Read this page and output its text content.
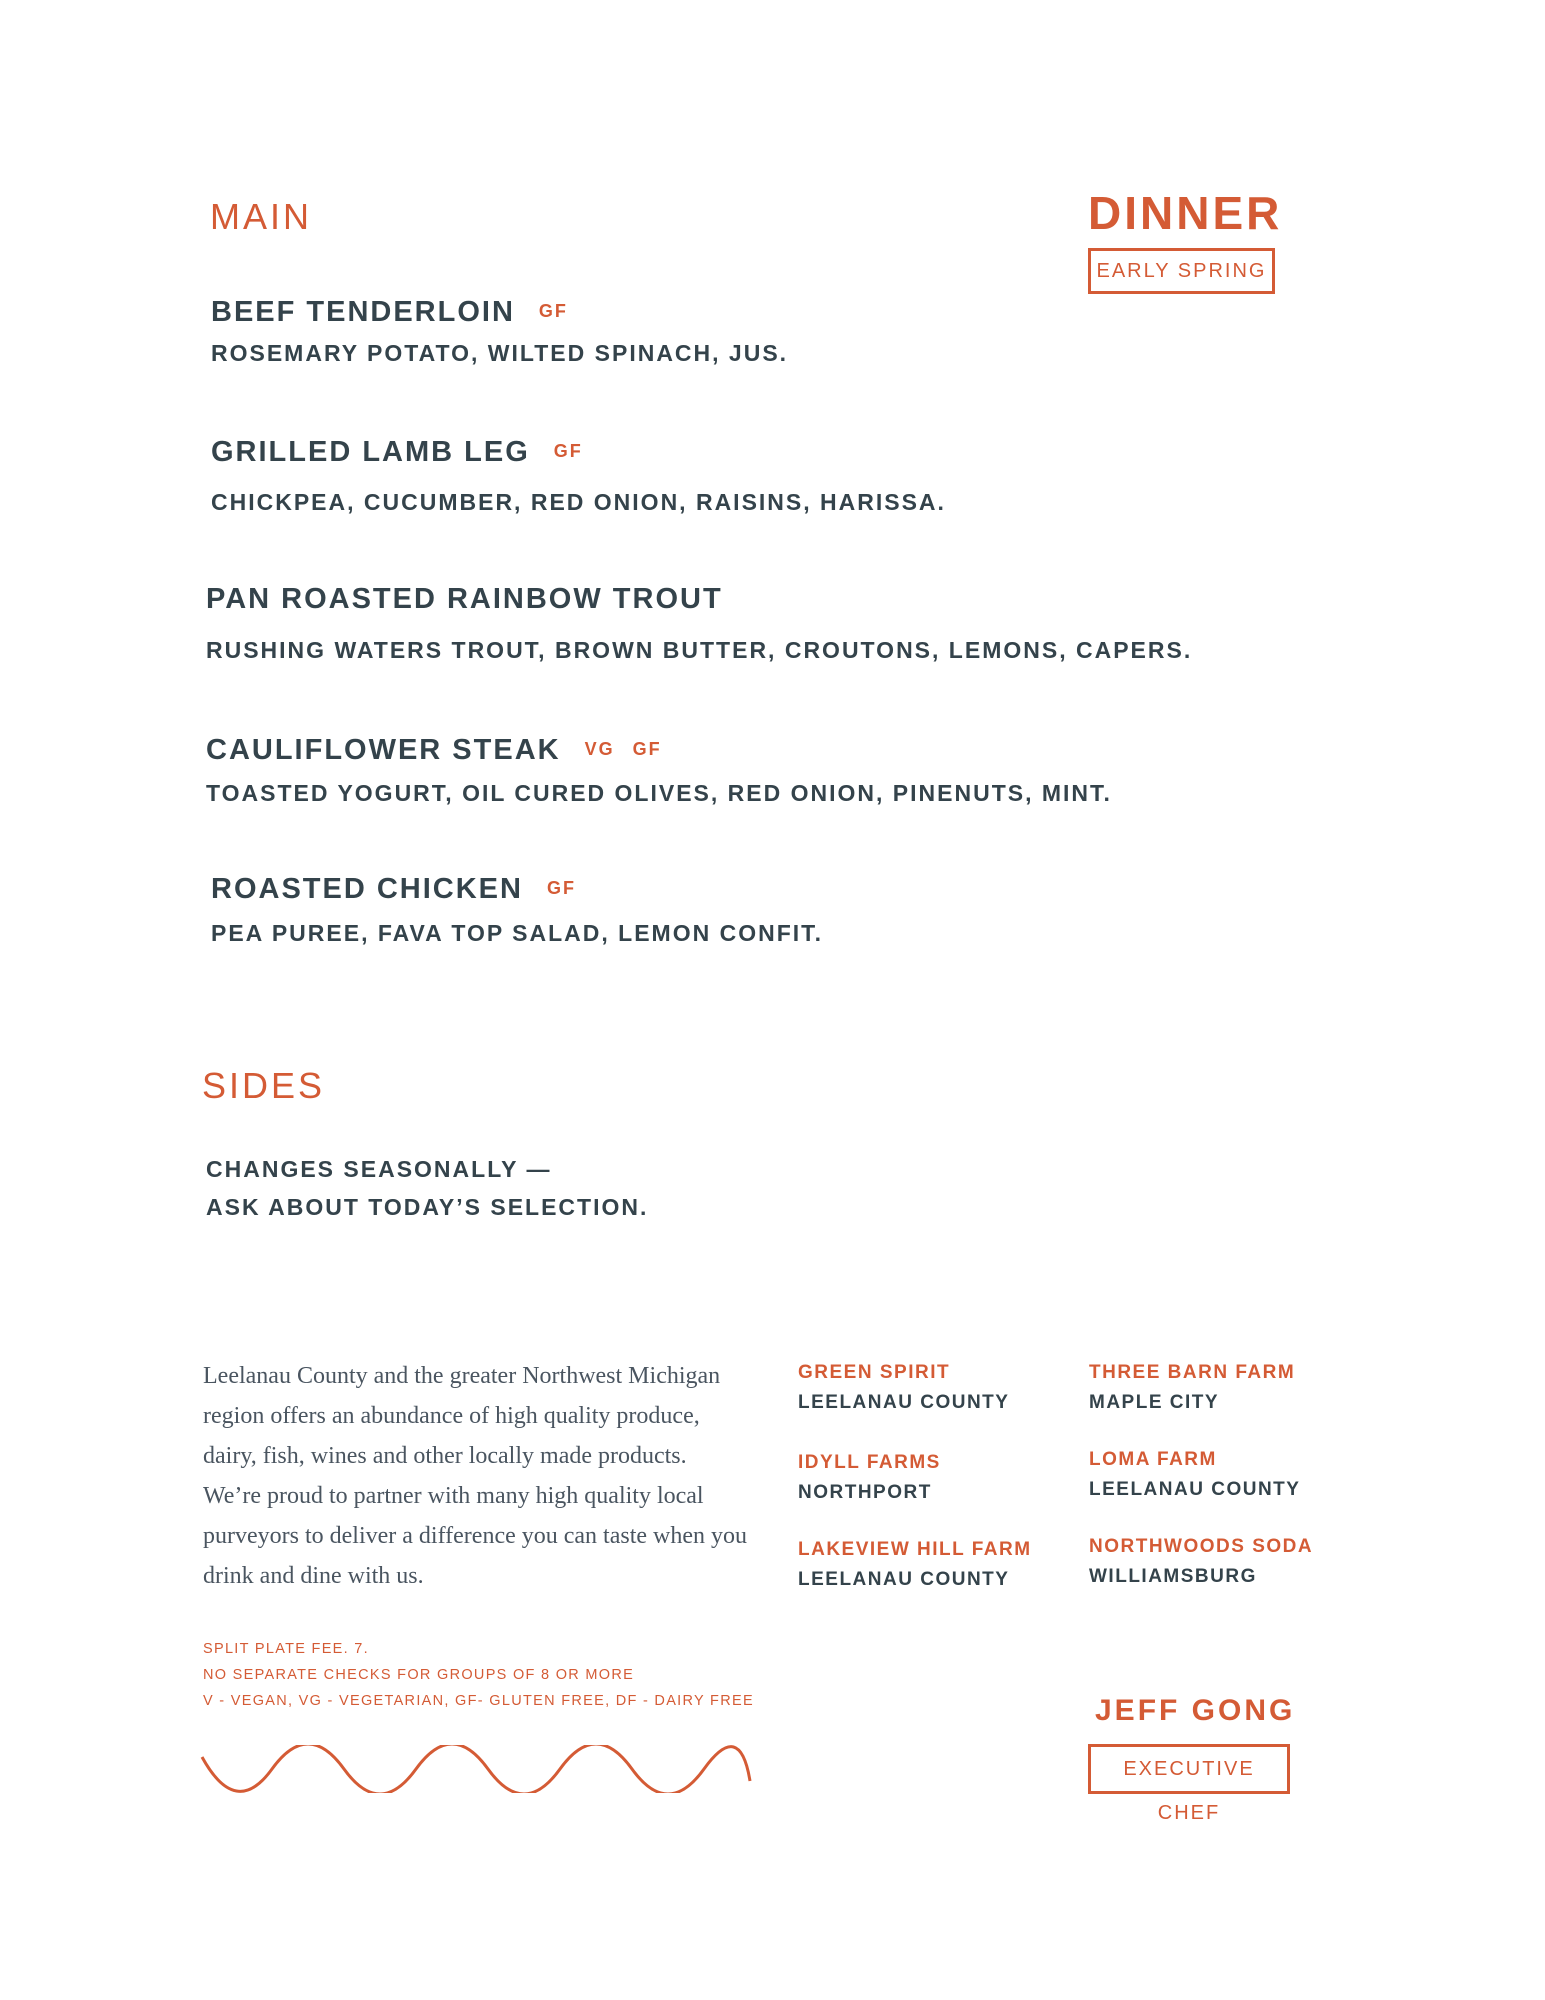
MAIN	DINNER
EARLY SPRING
BEEF TENDERLOIN GF
ROSEMARY POTATO, WILTED SPINACH, JUS.
GRILLED LAMB LEG GF
CHICKPEA, CUCUMBER, RED ONION, RAISINS, HARISSA.
PAN ROASTED RAINBOW TROUT
RUSHING WATERS TROUT, BROWN BUTTER, CROUTONS, LEMONS, CAPERS.
CAULIFLOWER STEAK VG GF
TOASTED YOGURT, OIL CURED OLIVES, RED ONION, PINENUTS, MINT.
ROASTED CHICKEN GF
PEA PUREE, FAVA TOP SALAD, LEMON CONFIT.
SIDES
CHANGES SEASONALLY —
ASK ABOUT TODAY’S SELECTION.
Leelanau County and the greater Northwest Michigan region offers an abundance of high quality produce, dairy, fish, wines and other locally made products. We’re proud to partner with many high quality local purveyors to deliver a difference you can taste when you drink and dine with us.
GREEN SPIRIT
LEELANAU COUNTY
IDYLL FARMS
NORTHPORT
LAKEVIEW HILL FARM
LEELANAU COUNTY
THREE BARN FARM
MAPLE CITY
LOMA FARM
LEELANAU COUNTY
NORTHWOODS SODA
WILLIAMSBURG
SPLIT PLATE FEE. 7.
NO SEPARATE CHECKS FOR GROUPS OF 8 OR MORE
V - VEGAN, VG - VEGETARIAN, GF- GLUTEN FREE, DF - DAIRY FREE	JEFF GONG
EXECUTIVE CHEF
